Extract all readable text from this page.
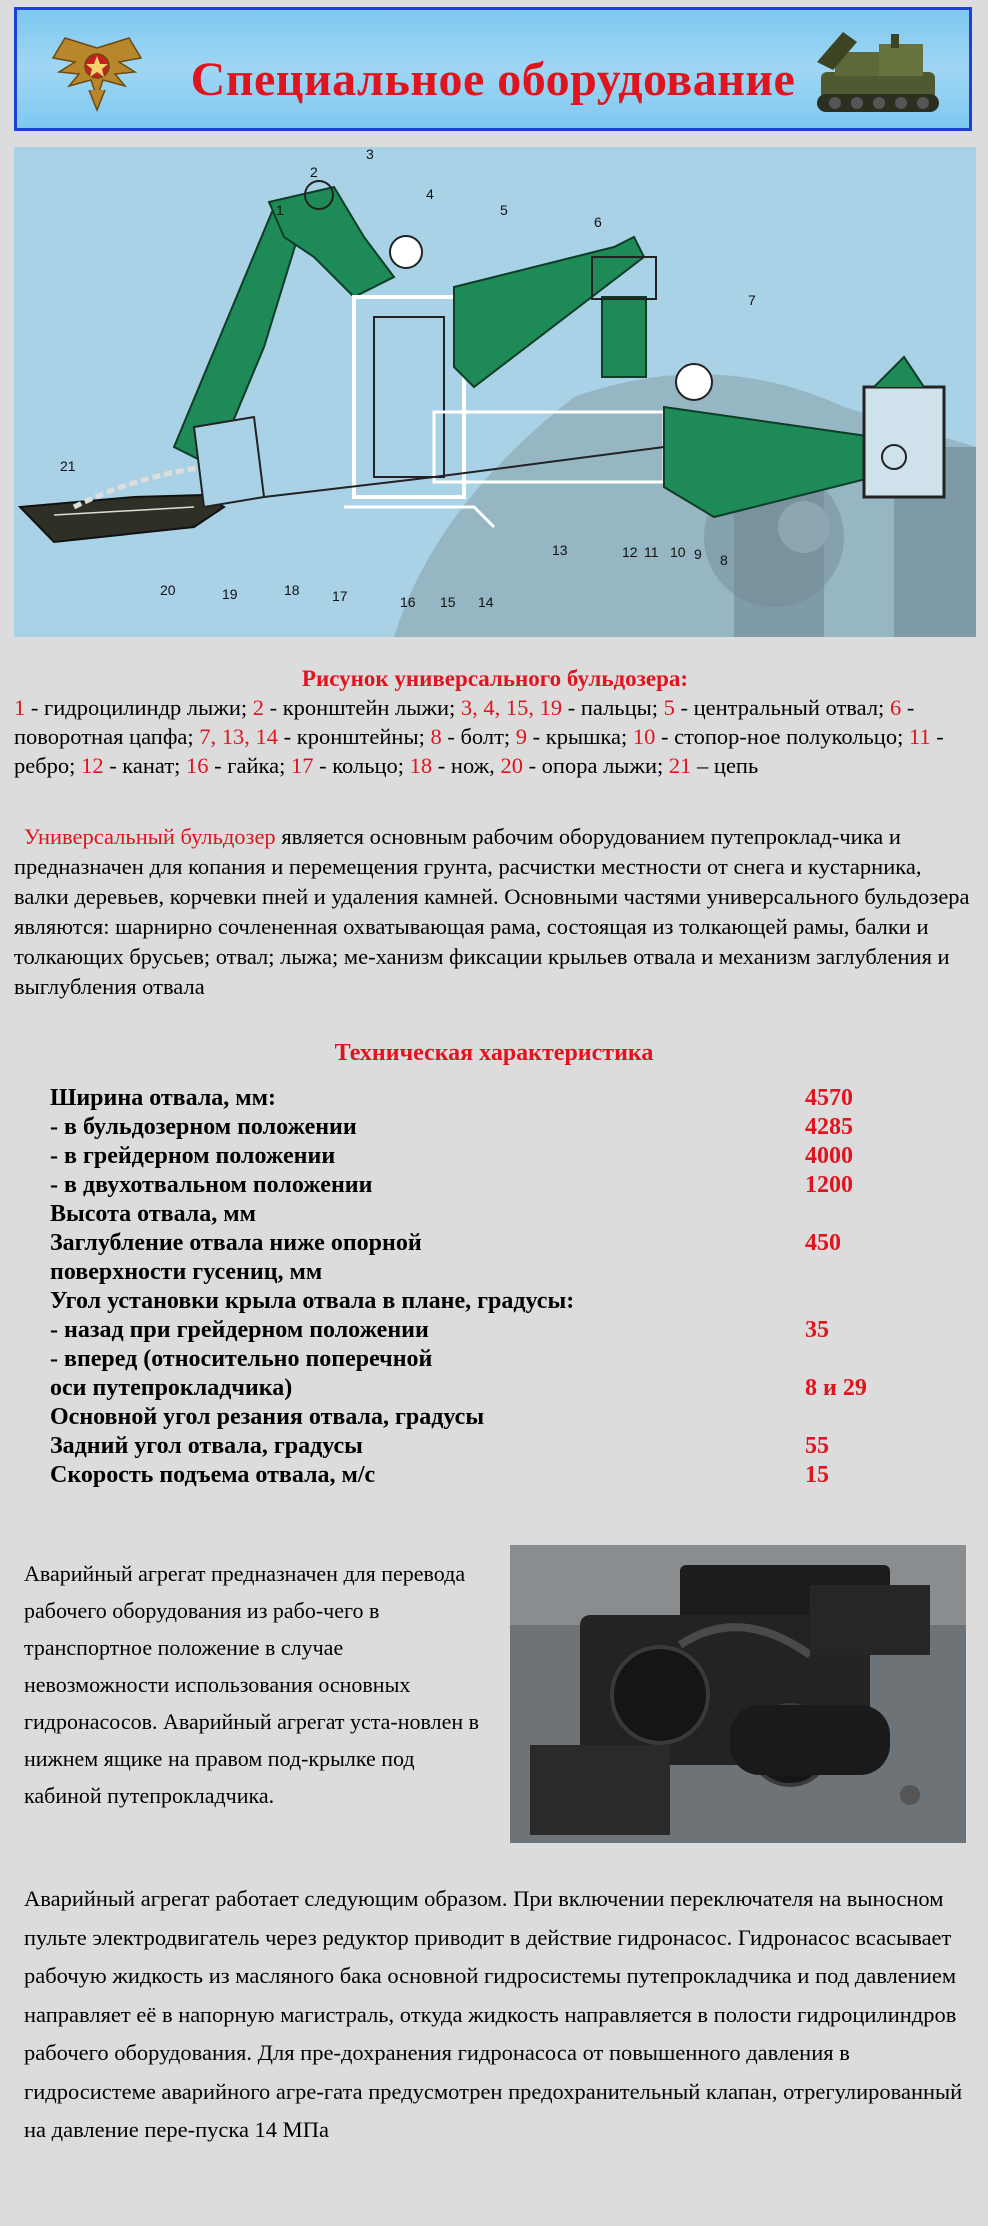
Специальное оборудование
1
2
3
4
5
6
7
8
9
10
11
12
13
14
15
16
17
18
19
20
21
Рисунок универсального бульдозера:
1 - гидроцилиндр лыжи; 2 - кронштейн лыжи; 3, 4, 15, 19 - пальцы; 5 - центральный отвал; 6 - поворотная цапфа; 7, 13, 14 - кронштейны; 8 - болт; 9 - крышка; 10 - стопор-ное полукольцо; 11 - ребро; 12 - канат; 16 - гайка; 17 - кольцо; 18 - нож, 20 - опора лыжи; 21 – цепь
Универсальный бульдозер является основным рабочим оборудованием путепроклад-чика и предназначен для копания и перемещения грунта, расчистки местности от снега и кустарника, валки деревьев, корчевки пней и удаления камней. Основными частями универсального бульдозера являются: шарнирно сочлененная охватывающая рама, состоящая из толкающей рамы, балки и толкающих брусьев; отвал; лыжа; ме-ханизм фиксации крыльев отвала и механизм заглубления и выглубления отвала
Техническая характеристика
Ширина отвала, мм:	4570
- в бульдозерном положении	4285
- в грейдерном положении	4000
- в двухотвальном положении	1200
Высота отвала, мм
Заглубление отвала ниже опорной	450
поверхности гусениц, мм
Угол установки крыла отвала в плане, градусы:
- назад при грейдерном положении	35
- вперед (относительно поперечной
оси путепрокладчика)	8 и 29
Основной угол резания отвала, градусы
Задний угол отвала, градусы	55
Скорость подъема отвала, м/с	15
Аварийный агрегат предназначен для перевода рабочего оборудования из рабо-чего в транспортное положение в случае невозможности использования основных гидронасосов. Аварийный агрегат уста-новлен в нижнем ящике на правом под-крылке под кабиной путепрокладчика.
Аварийный агрегат работает следующим образом. При включении переключателя на выносном пульте электродвигатель через редуктор приводит в действие гидронасос. Гидронасос всасывает рабочую жидкость из масляного бака основной гидросистемы путепрокладчика и под давлением направляет её в напорную магистраль, откуда жидкость направляется в полости гидроцилиндров рабочего оборудования. Для пре-дохранения гидронасоса от повышенного давления в гидросистеме аварийного агре-гата предусмотрен предохранительный клапан, отрегулированный на давление пере-пуска 14 МПа
